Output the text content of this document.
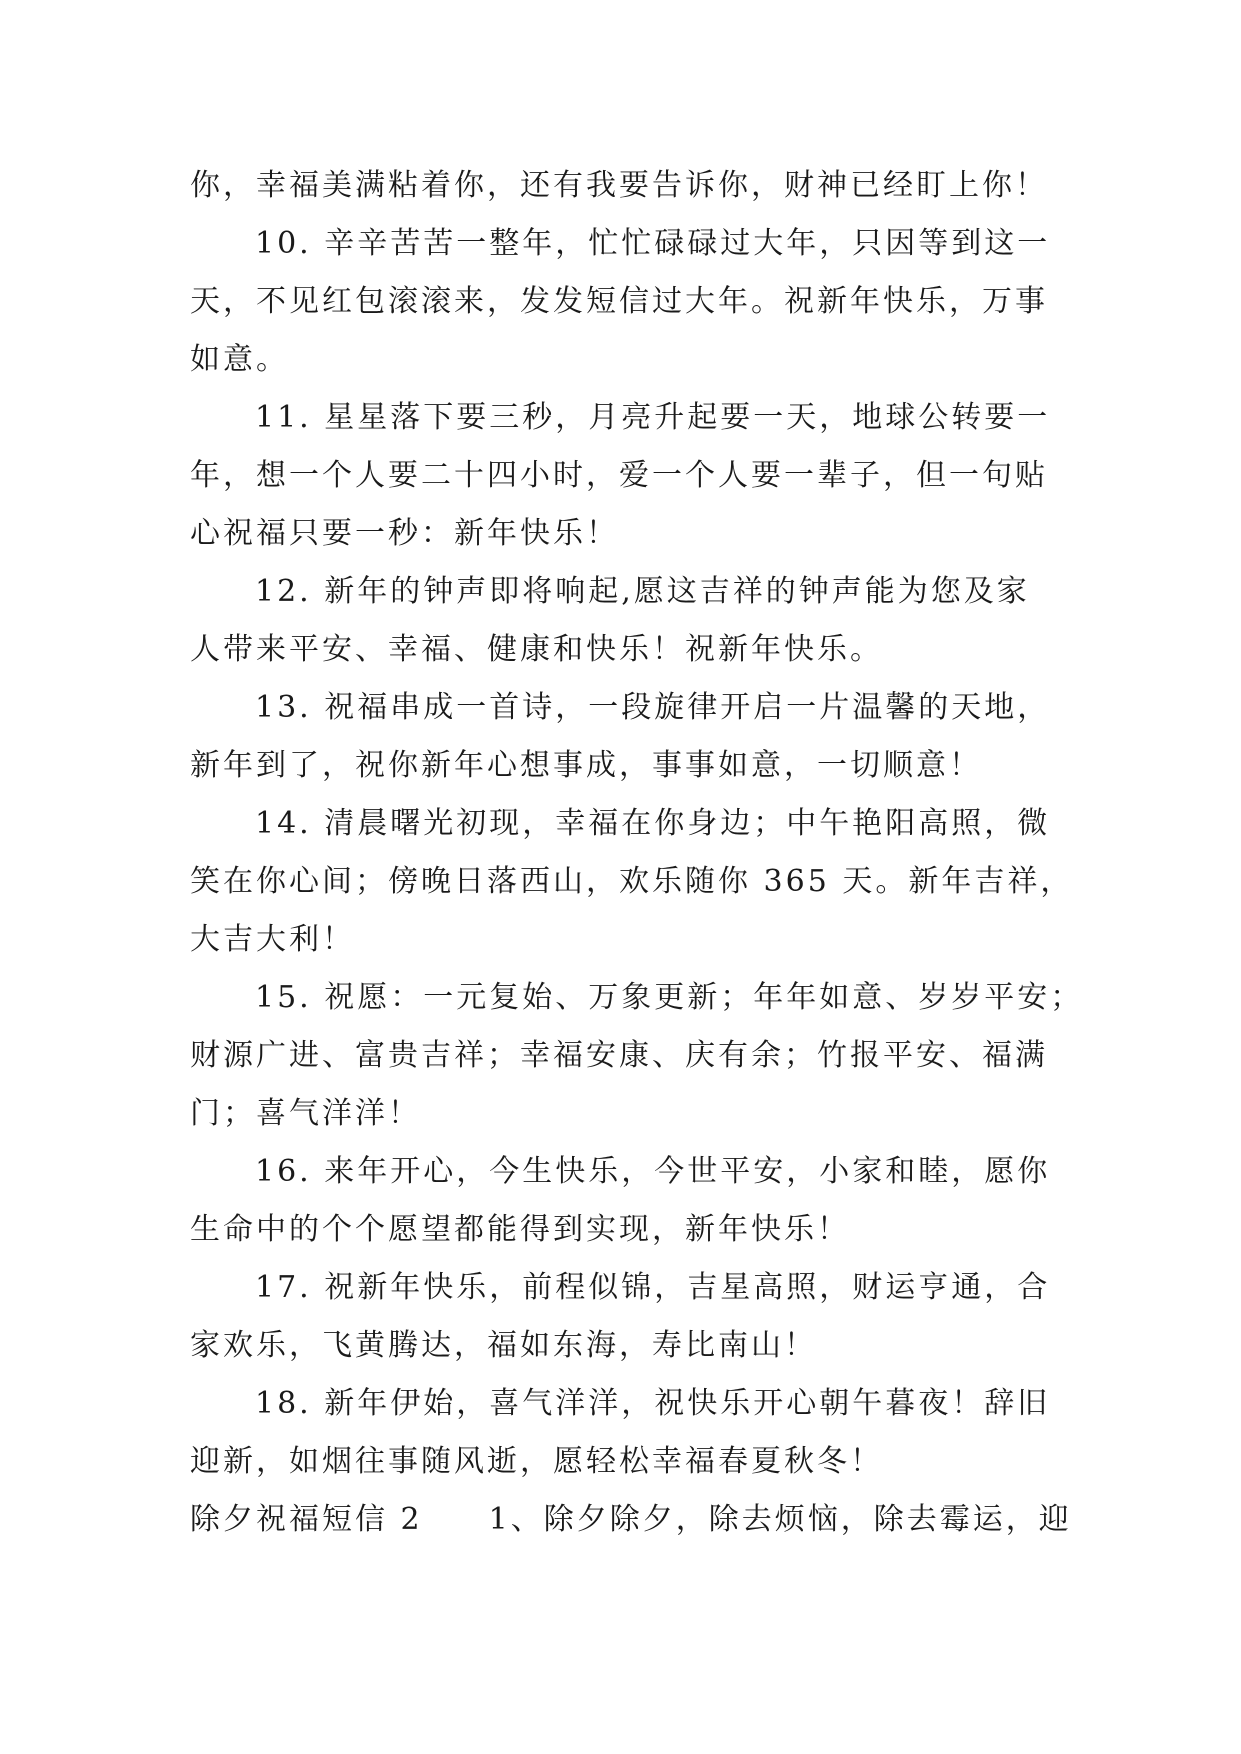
你，幸福美满粘着你，还有我要告诉你，财神已经盯上你！
10. 辛辛苦苦一整年，忙忙碌碌过大年，只因等到这一
天，不见红包滚滚来，发发短信过大年。祝新年快乐，万事
如意。
11. 星星落下要三秒，月亮升起要一天，地球公转要一
年，想一个人要二十四小时，爱一个人要一辈子，但一句贴
心祝福只要一秒：新年快乐！
12. 新年的钟声即将响起,愿这吉祥的钟声能为您及家
人带来平安、幸福、健康和快乐！祝新年快乐。
13. 祝福串成一首诗，一段旋律开启一片温馨的天地，
新年到了，祝你新年心想事成，事事如意，一切顺意！
14. 清晨曙光初现，幸福在你身边；中午艳阳高照，微
笑在你心间；傍晚日落西山，欢乐随你 365 天。新年吉祥，
大吉大利！
15. 祝愿：一元复始、万象更新；年年如意、岁岁平安；
财源广进、富贵吉祥；幸福安康、庆有余；竹报平安、福满
门；喜气洋洋！
16. 来年开心，今生快乐，今世平安，小家和睦，愿你
生命中的个个愿望都能得到实现，新年快乐！
17. 祝新年快乐，前程似锦，吉星高照，财运亨通，合
家欢乐，飞黄腾达，福如东海，寿比南山！
18. 新年伊始，喜气洋洋，祝快乐开心朝午暮夜！辞旧
迎新，如烟往事随风逝，愿轻松幸福春夏秋冬！
除夕祝福短信 2　　1、除夕除夕，除去烦恼，除去霉运，迎
